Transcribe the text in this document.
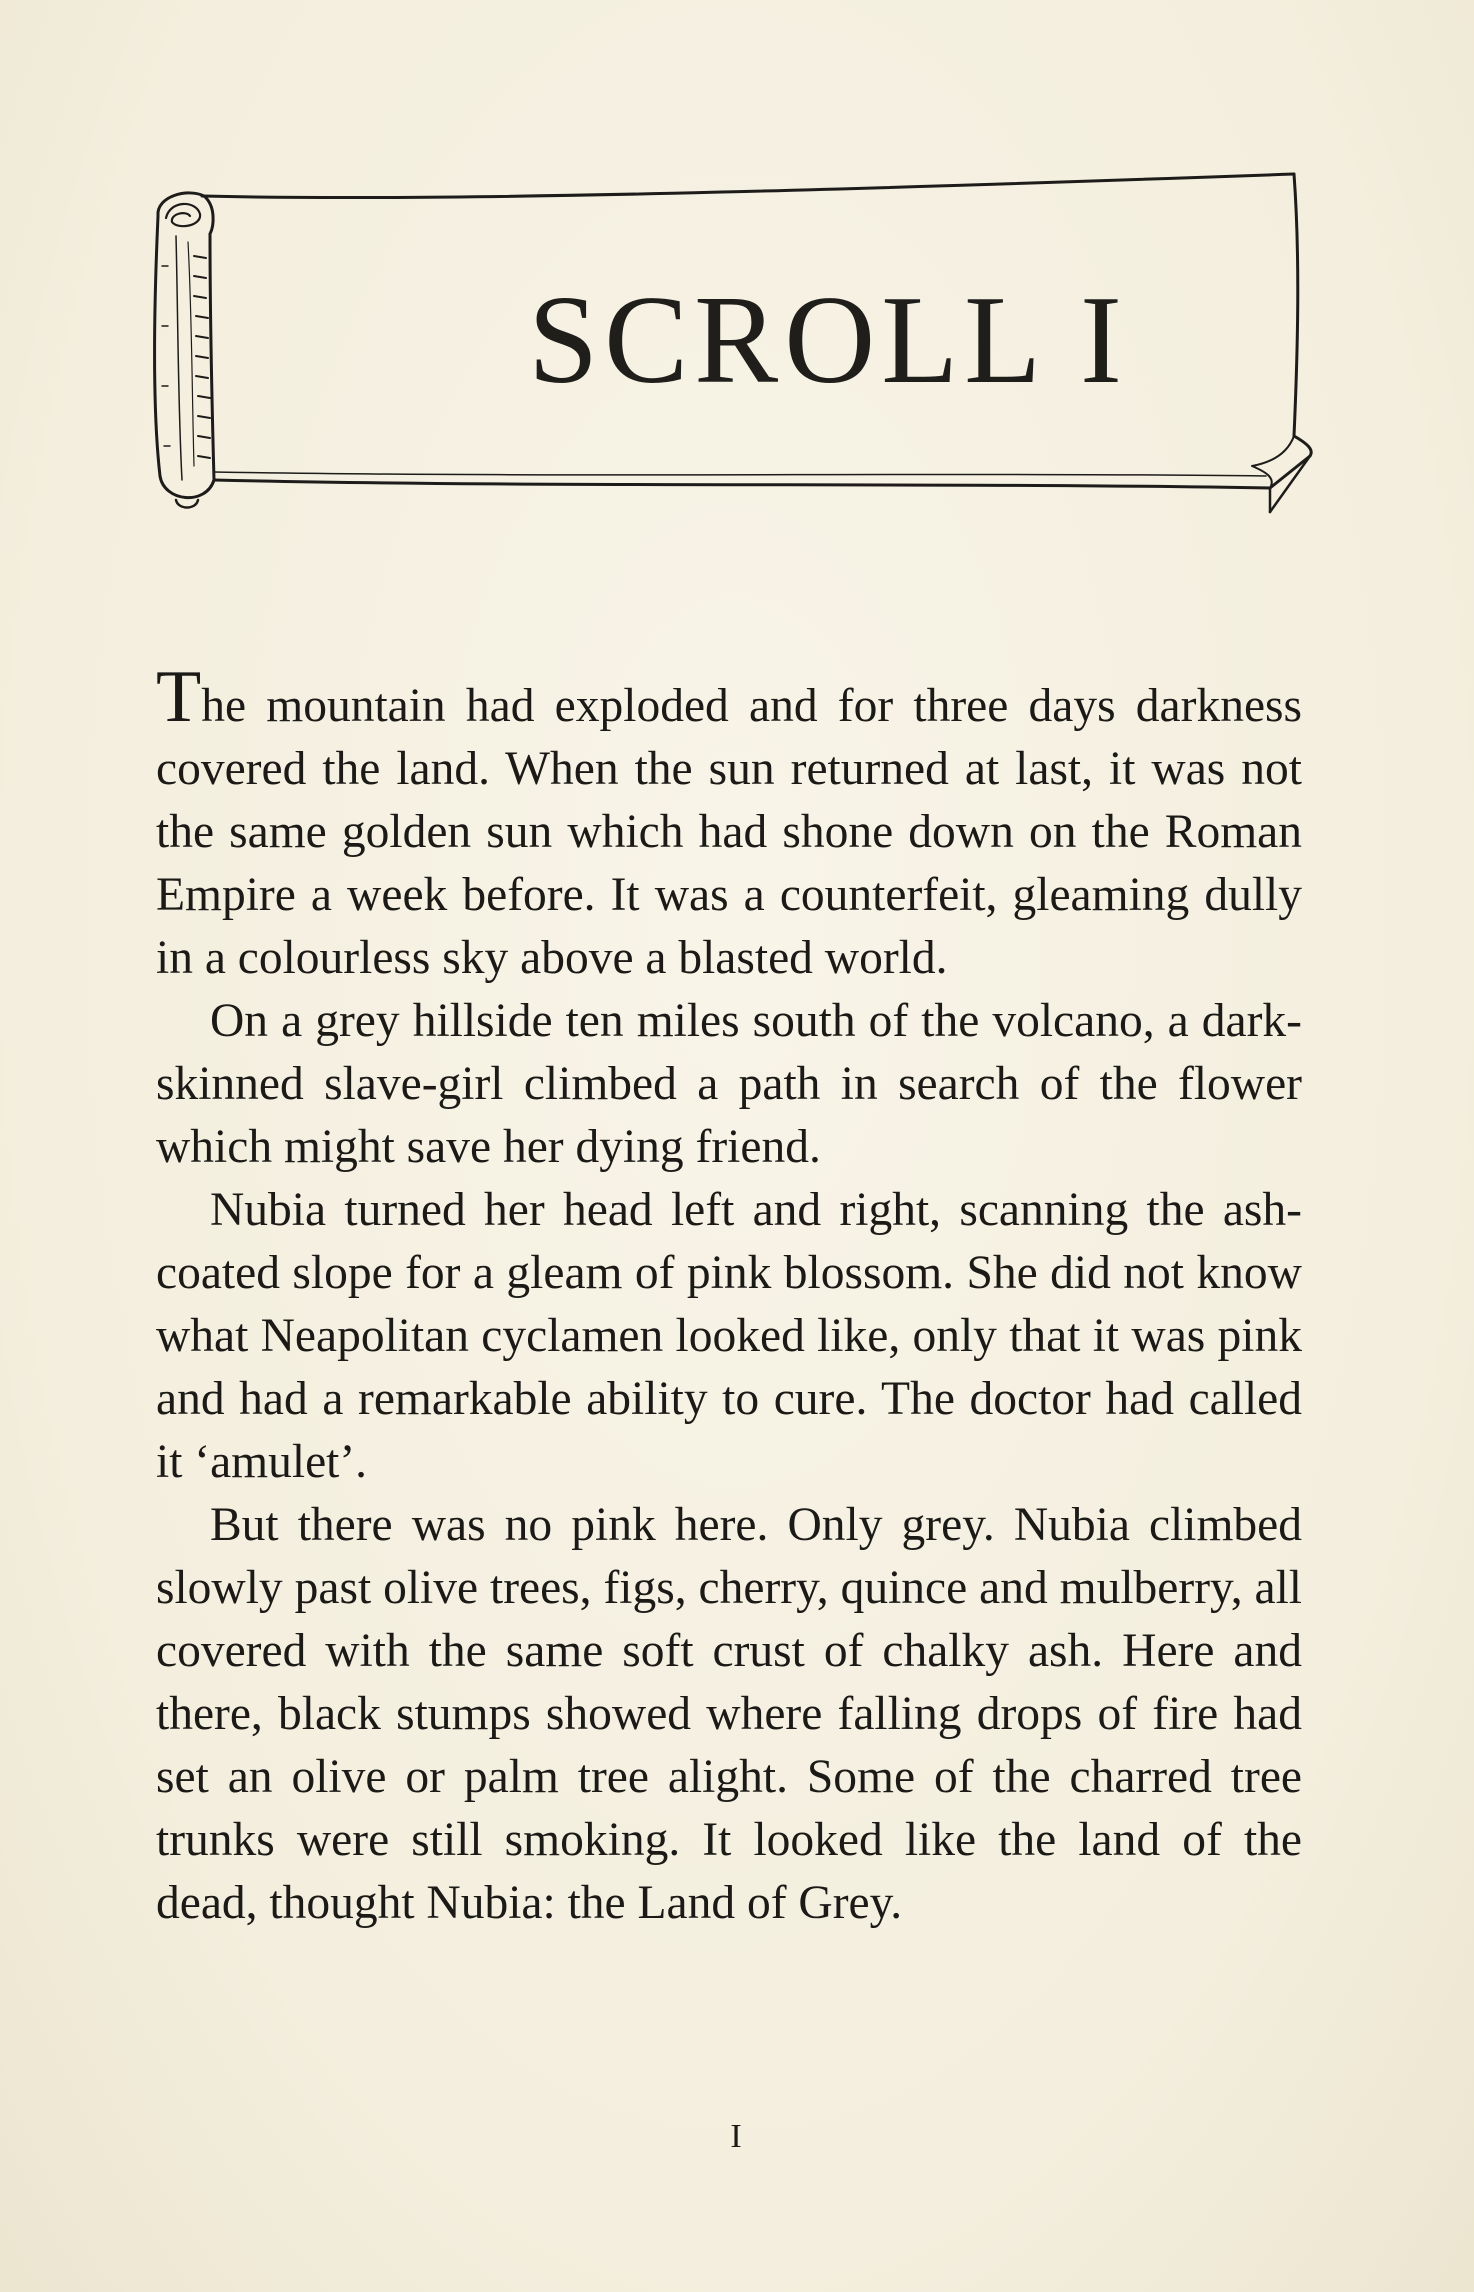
SCROLL I

The mountain had exploded and for three days darkness covered the land. When the sun returned at last, it was not the same golden sun which had shone down on the Roman Empire a week before. It was a counterfeit, gleaming dully in a colourless sky above a blasted world.

On a grey hillside ten miles south of the volcano, a dark-skinned slave-girl climbed a path in search of the flower which might save her dying friend.

Nubia turned her head left and right, scanning the ash-coated slope for a gleam of pink blossom. She did not know what Neapolitan cyclamen looked like, only that it was pink and had a remarkable ability to cure. The doctor had called it ‘amulet’.

But there was no pink here. Only grey. Nubia climbed slowly past olive trees, figs, cherry, quince and mulberry, all covered with the same soft crust of chalky ash. Here and there, black stumps showed where falling drops of fire had set an olive or palm tree alight. Some of the charred tree trunks were still smoking. It looked like the land of the dead, thought Nubia: the Land of Grey.

I
